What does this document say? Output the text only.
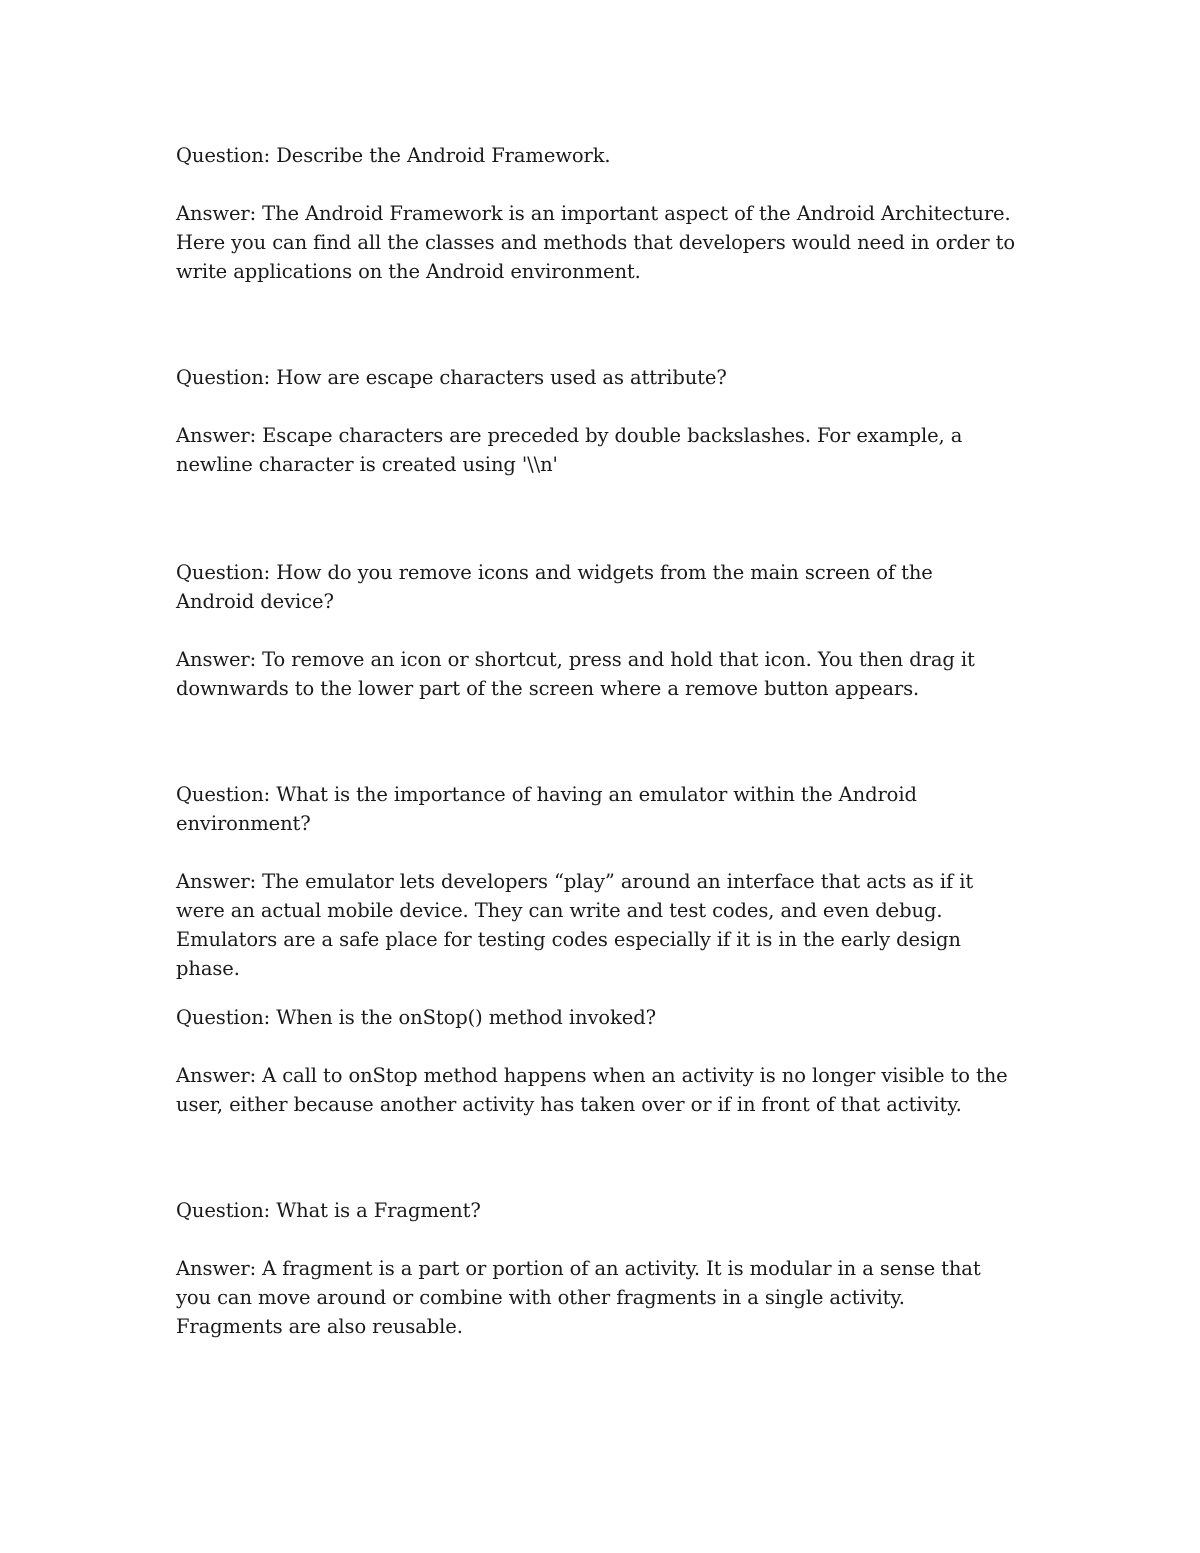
Question: Describe the Android Framework.

Answer: The Android Framework is an important aspect of the Android Architecture. Here you can find all the classes and methods that developers would need in order to write applications on the Android environment.

Question: How are escape characters used as attribute?

Answer: Escape characters are preceded by double backslashes. For example, a newline character is created using '\\n'

Question: How do you remove icons and widgets from the main screen of the Android device?

Answer: To remove an icon or shortcut, press and hold that icon. You then drag it downwards to the lower part of the screen where a remove button appears.

Question: What is the importance of having an emulator within the Android environment?

Answer: The emulator lets developers “play” around an interface that acts as if it were an actual mobile device. They can write and test codes, and even debug. Emulators are a safe place for testing codes especially if it is in the early design phase.

Question: When is the onStop() method invoked?

Answer: A call to onStop method happens when an activity is no longer visible to the user, either because another activity has taken over or if in front of that activity.

Question: What is a Fragment?

Answer: A fragment is a part or portion of an activity. It is modular in a sense that you can move around or combine with other fragments in a single activity. Fragments are also reusable.
